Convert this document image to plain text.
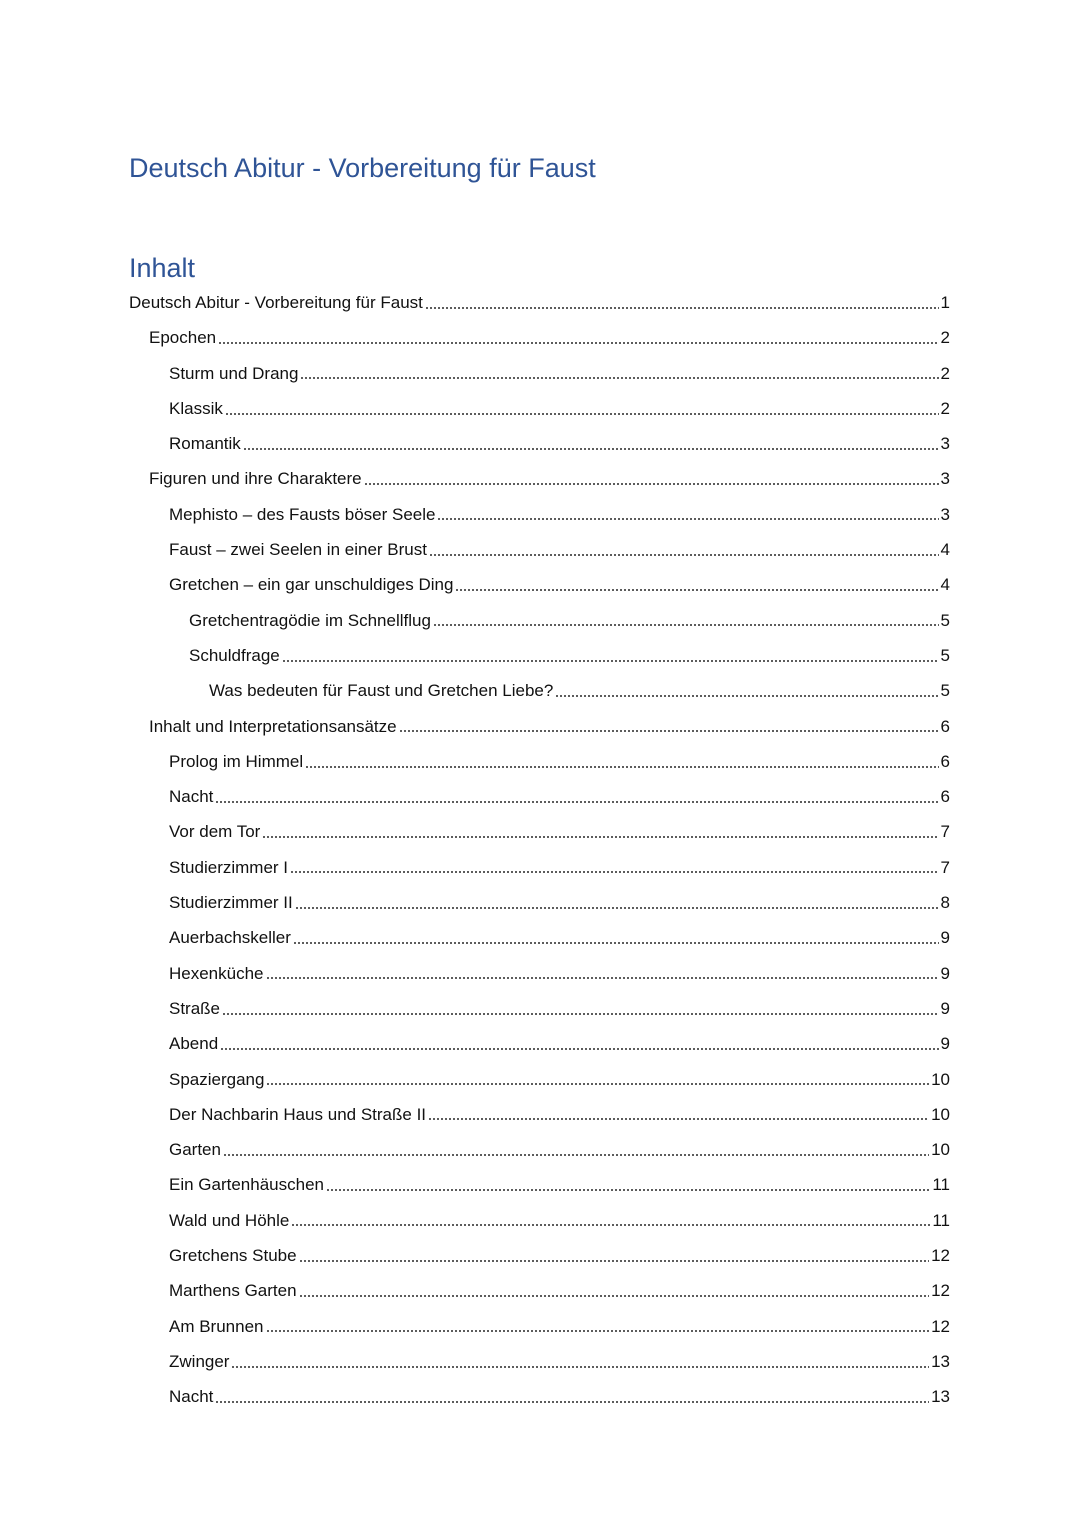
Deutsch Abitur - Vorbereitung für Faust
Inhalt
Deutsch Abitur - Vorbereitung für Faust	1
Epochen	2
Sturm und Drang	2
Klassik	2
Romantik	3
Figuren und ihre Charaktere	3
Mephisto – des Fausts böser Seele	3
Faust – zwei Seelen in einer Brust	4
Gretchen – ein gar unschuldiges Ding	4
Gretchentragödie im Schnellflug	5
Schuldfrage	5
Was bedeuten für Faust und Gretchen Liebe?	5
Inhalt und Interpretationsansätze	6
Prolog im Himmel	6
Nacht	6
Vor dem Tor	7
Studierzimmer I	7
Studierzimmer II	8
Auerbachskeller	9
Hexenküche	9
Straße	9
Abend	9
Spaziergang	10
Der Nachbarin Haus und Straße II	10
Garten	10
Ein Gartenhäuschen	11
Wald und Höhle	11
Gretchens Stube	12
Marthens Garten	12
Am Brunnen	12
Zwinger	13
Nacht	13
